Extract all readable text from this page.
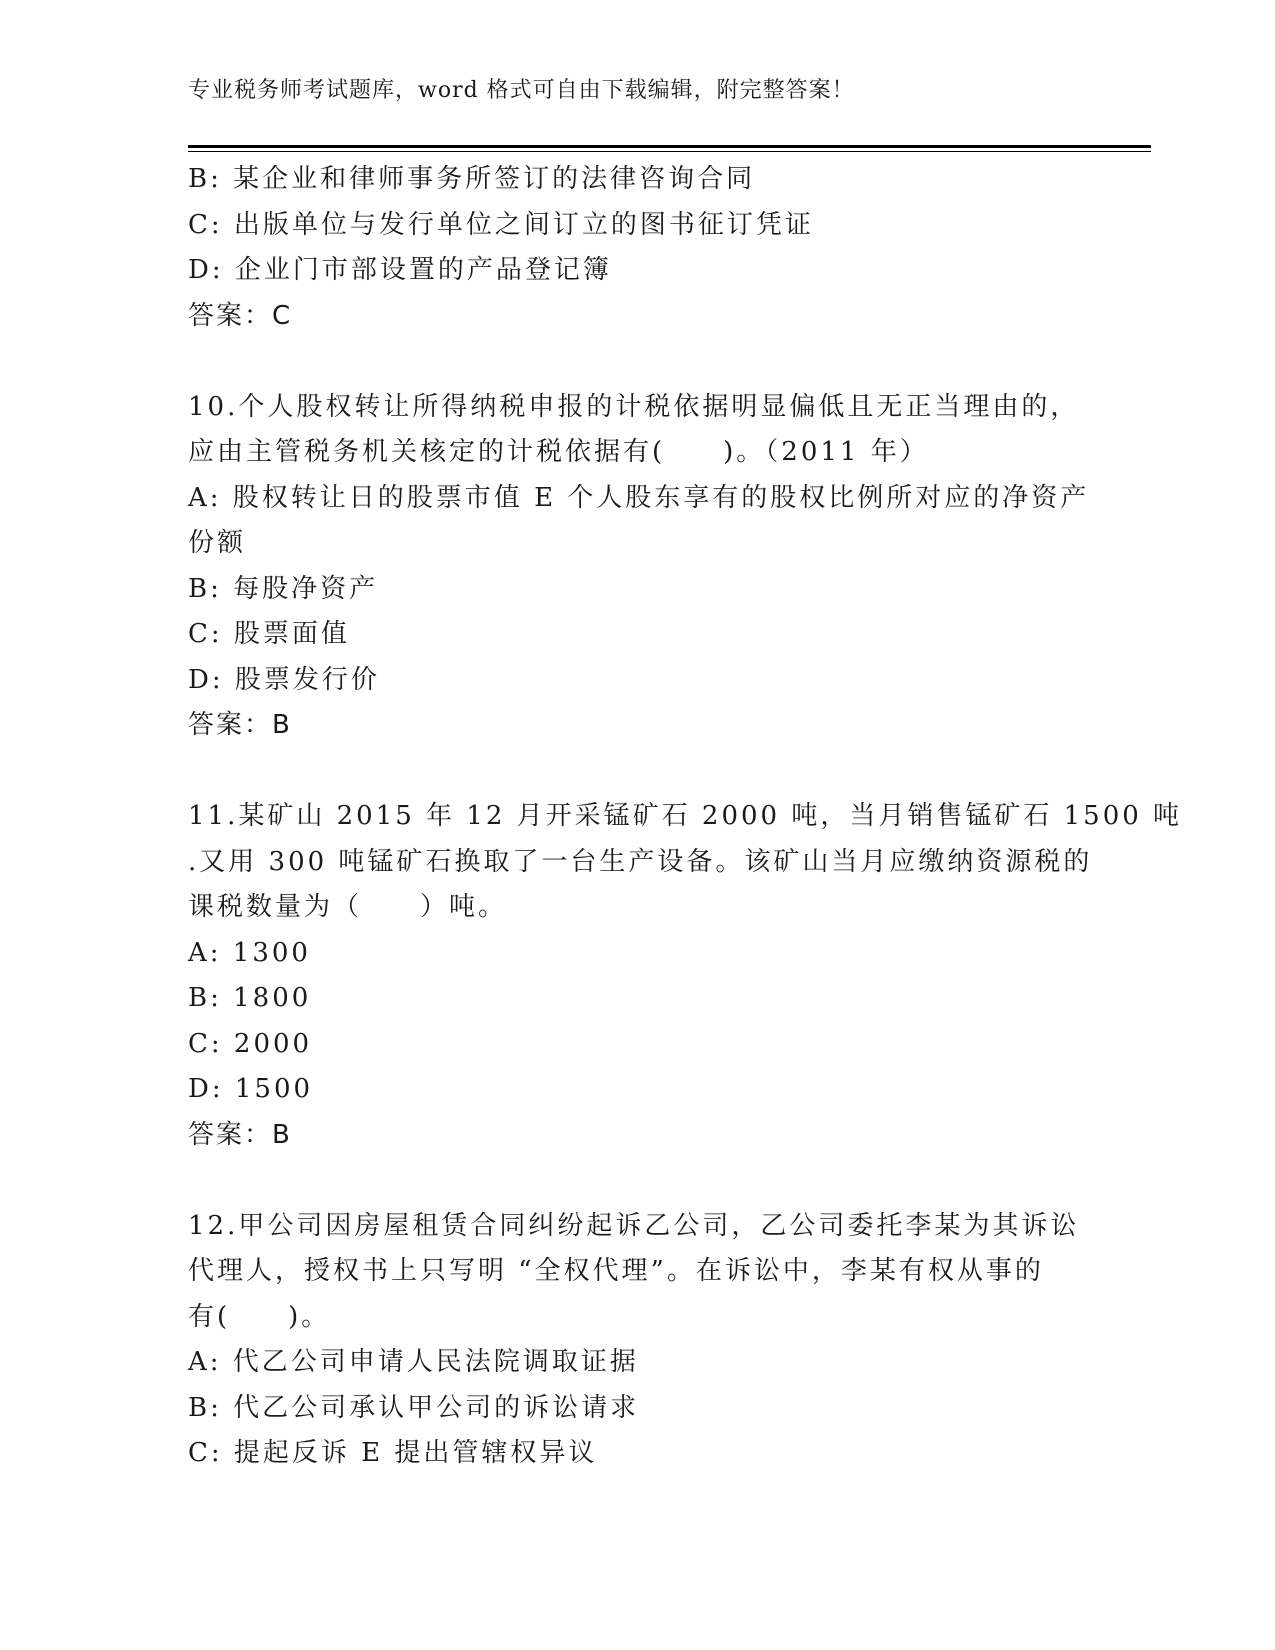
专业税务师考试题库，word 格式可自由下载编辑，附完整答案！
B: 某企业和律师事务所签订的法律咨询合同
C: 出版单位与发行单位之间订立的图书征订凭证
D: 企业门市部设置的产品登记簿
答案：C
10.个人股权转让所得纳税申报的计税依据明显偏低且无正当理由的，
应由主管税务机关核定的计税依据有(　　)。（2011 年）
A: 股权转让日的股票市值 E 个人股东享有的股权比例所对应的净资产
份额
B: 每股净资产
C: 股票面值
D: 股票发行价
答案：B
11.某矿山 2015 年 12 月开采锰矿石 2000 吨，当月销售锰矿石 1500 吨
.又用 300 吨锰矿石换取了一台生产设备。该矿山当月应缴纳资源税的
课税数量为（　　）吨。
A: 1300
B: 1800
C: 2000
D: 1500
答案：B
12.甲公司因房屋租赁合同纠纷起诉乙公司，乙公司委托李某为其诉讼
代理人，授权书上只写明 “全权代理”。在诉讼中，李某有权从事的
有(　　)。
A: 代乙公司申请人民法院调取证据
B: 代乙公司承认甲公司的诉讼请求
C: 提起反诉 E 提出管辖权异议
